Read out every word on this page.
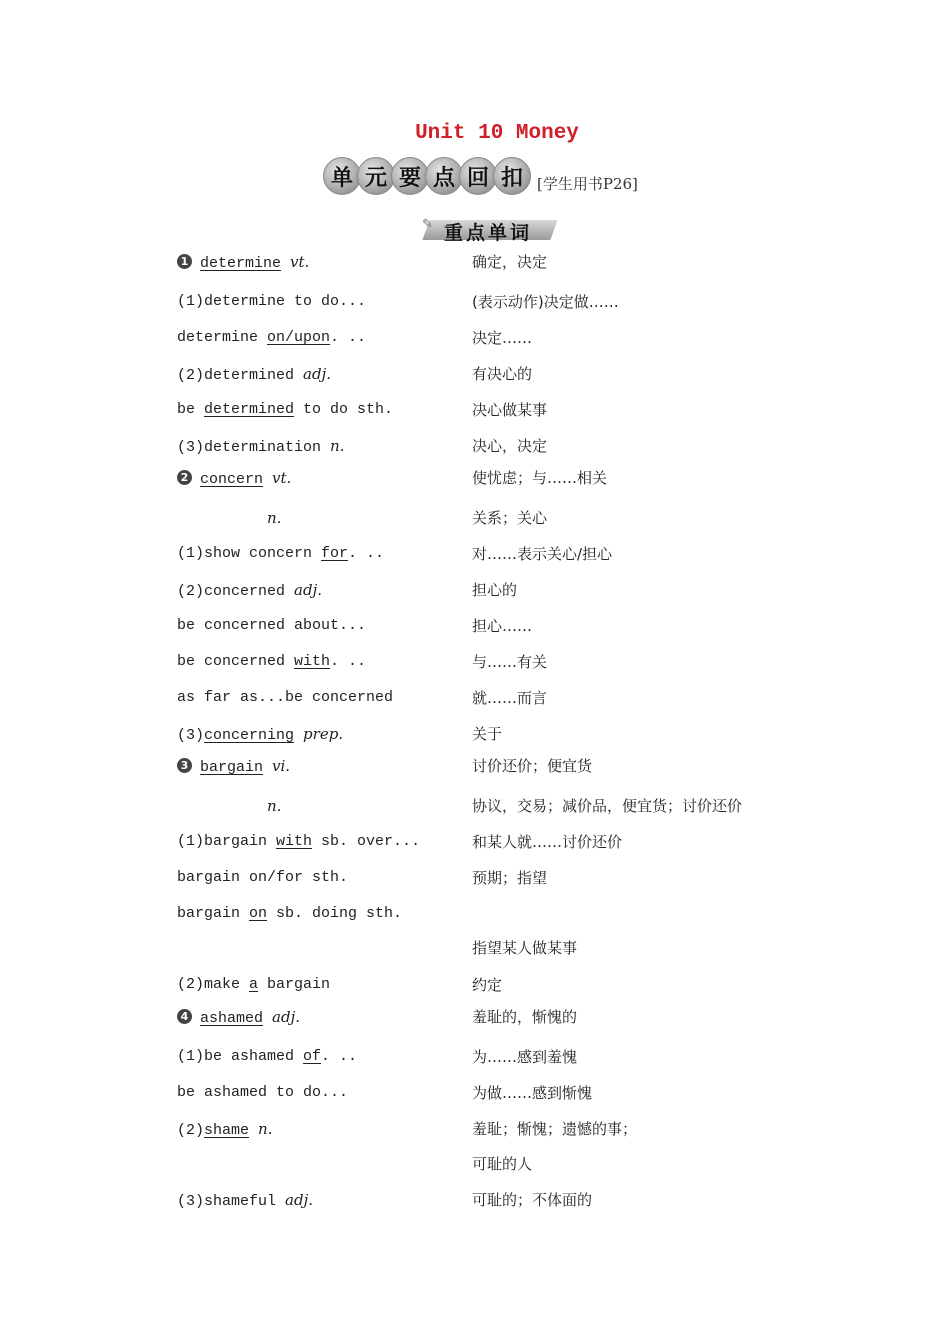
Unit 10 Money
单 元 要 点 回 扣 [学生用书P26]
✎ 重点单词
1 determine vt.	确定，决定
(1)determine to do...	(表示动作)决定做……
determine on/upon. ..	决定……
(2)determined adj.	有决心的
be determined to do sth.	决心做某事
(3)determination n.	决心，决定
2 concern vt.	使忧虑；与……相关
n.	关系；关心
(1)show concern for. ..	对……表示关心/担心
(2)concerned adj.	担心的
be concerned about...	担心……
be concerned with. ..	与……有关
as far as...be concerned	就……而言
(3)concerning prep.	关于
3 bargain vi.	讨价还价；便宜货
n.	协议，交易；减价品，便宜货；讨价还价
(1)bargain with sb. over...	和某人就……讨价还价
bargain on/for sth.	预期；指望
bargain on sb. doing sth.
指望某人做某事
(2)make a bargain	约定
4 ashamed adj.	羞耻的，惭愧的
(1)be ashamed of. ..	为……感到羞愧
be ashamed to do...	为做……感到惭愧
(2)shame n.	羞耻；惭愧；遗憾的事；
可耻的人
(3)shameful adj.	可耻的；不体面的
